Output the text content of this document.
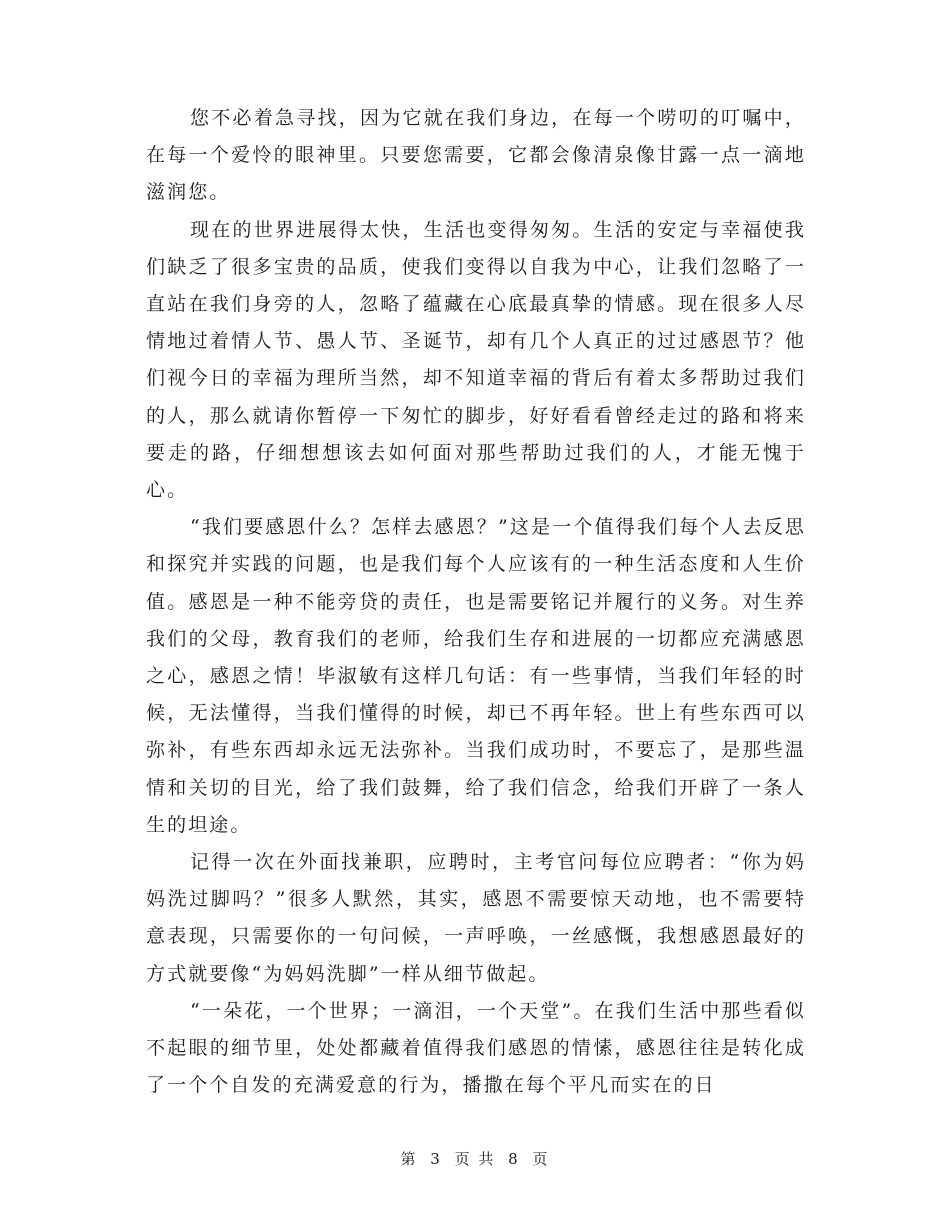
您不必着急寻找，因为它就在我们身边，在每一个唠叨的叮嘱中，在每一个爱怜的眼神里。只要您需要，它都会像清泉像甘露一点一滴地滋润您。

现在的世界进展得太快，生活也变得匆匆。生活的安定与幸福使我们缺乏了很多宝贵的品质，使我们变得以自我为中心，让我们忽略了一直站在我们身旁的人，忽略了蕴藏在心底最真挚的情感。现在很多人尽情地过着情人节、愚人节、圣诞节，却有几个人真正的过过感恩节？他们视今日的幸福为理所当然，却不知道幸福的背后有着太多帮助过我们的人，那么就请你暂停一下匆忙的脚步，好好看看曾经走过的路和将来要走的路，仔细想想该去如何面对那些帮助过我们的人，才能无愧于心。

“我们要感恩什么？怎样去感恩？”这是一个值得我们每个人去反思和探究并实践的问题，也是我们每个人应该有的一种生活态度和人生价值。感恩是一种不能旁贷的责任，也是需要铭记并履行的义务。对生养我们的父母，教育我们的老师，给我们生存和进展的一切都应充满感恩之心，感恩之情！毕淑敏有这样几句话：有一些事情，当我们年轻的时候，无法懂得，当我们懂得的时候，却已不再年轻。世上有些东西可以弥补，有些东西却永远无法弥补。当我们成功时，不要忘了，是那些温情和关切的目光，给了我们鼓舞，给了我们信念，给我们开辟了一条人生的坦途。

记得一次在外面找兼职，应聘时，主考官问每位应聘者：“你为妈妈洗过脚吗？”很多人默然，其实，感恩不需要惊天动地，也不需要特意表现，只需要你的一句问候，一声呼唤，一丝感慨，我想感恩最好的方式就要像“为妈妈洗脚”一样从细节做起。

“一朵花，一个世界；一滴泪，一个天堂”。在我们生活中那些看似不起眼的细节里，处处都藏着值得我们感恩的情愫，感恩往往是转化成了一个个自发的充满爱意的行为，播撒在每个平凡而实在的日

第 3 页 共 8 页
